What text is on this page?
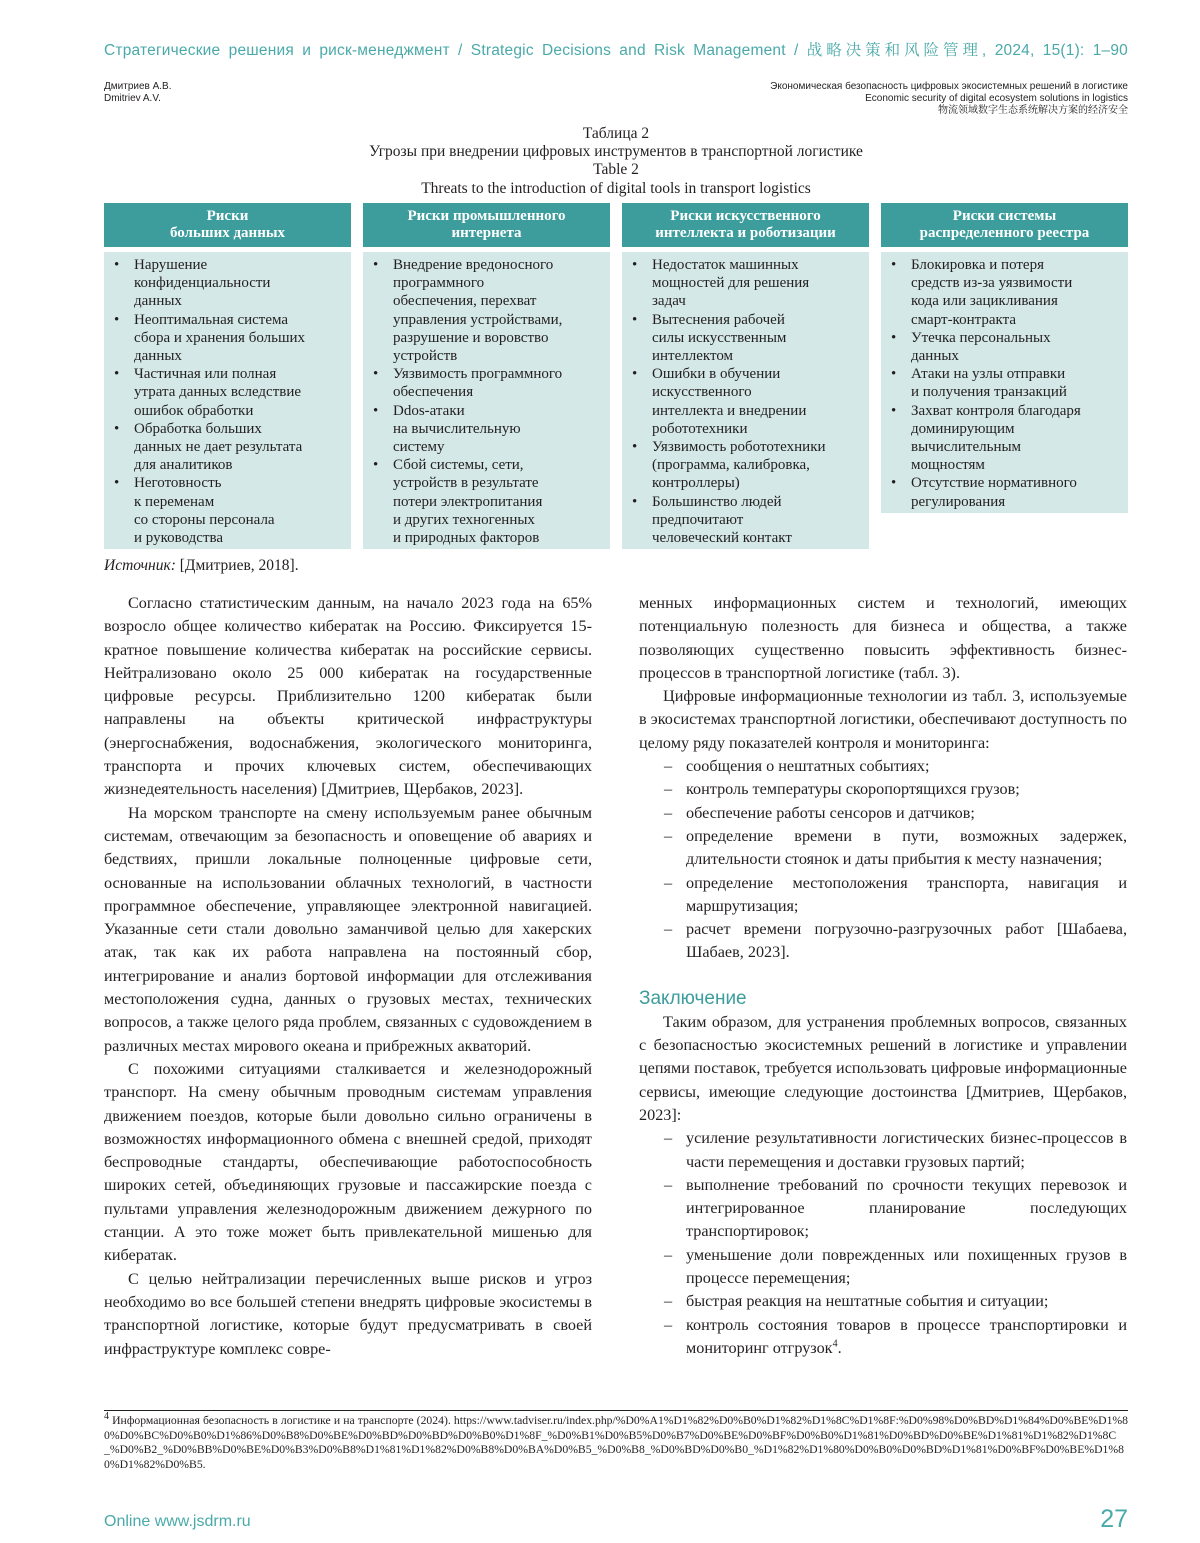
Стратегические решения и риск-менеджмент / Strategic Decisions and Risk Management / 战略决策和风险管理, 2024, 15(1): 1–90
Дмитриев А.В.
Dmitriev A.V.
Экономическая безопасность цифровых экосистемных решений в логистике
Economic security of digital ecosystem solutions in logistics
物流领域数字生态系统解决方案的经济安全
Таблица 2
Угрозы при внедрении цифровых инструментов в транспортной логистике
Table 2
Threats to the introduction of digital tools in transport logistics
Риски
больших данных
• Нарушение
конфиденциальности
данных
• Неоптимальная система
сбора и хранения больших
данных
• Частичная или полная
утрата данных вследствие
ошибок обработки
• Обработка больших
данных не дает результата
для аналитиков
• Неготовность
к переменам
со стороны персонала
и руководства
Риски промышленного
интернета
• Внедрение вредоносного
программного
обеспечения, перехват
управления устройствами,
разрушение и воровство
устройств
• Уязвимость программного
обеспечения
• Ddos-атаки
на вычислительную
систему
• Сбой системы, сети,
устройств в результате
потери электропитания
и других техногенных
и природных факторов
Риски искусственного
интеллекта и роботизации
• Недостаток машинных
мощностей для решения
задач
• Вытеснения рабочей
силы искусственным
интеллектом
• Ошибки в обучении
искусственного
интеллекта и внедрении
робототехники
• Уязвимость робототехники
(программа, калибровка,
контроллеры)
• Большинство людей
предпочитают
человеческий контакт
Риски системы
распределенного реестра
• Блокировка и потеря
средств из-за уязвимости
кода или зацикливания
смарт-контракта
• Утечка персональных
данных
• Атаки на узлы отправки
и получения транзакций
• Захват контроля благодаря
доминирующим
вычислительным
мощностям
• Отсутствие нормативного
регулирования
Источник: [Дмитриев, 2018].

Согласно статистическим данным, на начало 2023 года на 65% возросло общее количество кибератак на Россию. Фиксируется 15-кратное повышение количества кибератак на российские сервисы. Нейтрализовано около 25 000 кибератак на государственные цифровые ресурсы. Приблизительно 1200 кибератак были направлены на объекты критической инфраструктуры (энергоснабжения, водоснабжения, экологического мониторинга, транспорта и прочих ключевых систем, обеспечивающих жизнедеятельность населения) [Дмитриев, Щербаков, 2023].

На морском транспорте на смену используемым ранее обычным системам, отвечающим за безопасность и оповещение об авариях и бедствиях, пришли локальные полноценные цифровые сети, основанные на использовании облачных технологий, в частности программное обеспечение, управляющее электронной навигацией. Указанные сети стали довольно заманчивой целью для хакерских атак, так как их работа направлена на постоянный сбор, интегрирование и анализ бортовой информации для отслеживания местоположения судна, данных о грузовых местах, технических вопросов, а также целого ряда проблем, связанных с судовождением в различных местах мирового океана и прибрежных акваторий.

С похожими ситуациями сталкивается и железнодорожный транспорт. На смену обычным проводным системам управления движением поездов, которые были довольно сильно ограничены в возможностях информационного обмена с внешней средой, приходят беспроводные стандарты, обеспечивающие работоспособность широких сетей, объединяющих грузовые и пассажирские поезда с пультами управления железнодорожным движением дежурного по станции. А это тоже может быть привлекательной мишенью для кибератак.

С целью нейтрализации перечисленных выше рисков и угроз необходимо во все большей степени внедрять цифровые экосистемы в транспортной логистике, которые будут предусматривать в своей инфраструктуре комплекс совре-

менных информационных систем и технологий, имеющих потенциальную полезность для бизнеса и общества, а также позволяющих существенно повысить эффективность бизнес-процессов в транспортной логистике (табл. 3).

Цифровые информационные технологии из табл. 3, используемые в экосистемах транспортной логистики, обеспечивают доступность по целому ряду показателей контроля и мониторинга:

– сообщения о нештатных событиях;
– контроль температуры скоропортящихся грузов;
– обеспечение работы сенсоров и датчиков;
– определение времени в пути, возможных задержек, длительности стоянок и даты прибытия к месту назначения;
– определение местоположения транспорта, навигация и маршрутизация;
– расчет времени погрузочно-разгрузочных работ [Шабаева, Шабаев, 2023].
Заключение

Таким образом, для устранения проблемных вопросов, связанных с безопасностью экосистемных решений в логистике и управлении цепями поставок, требуется использовать цифровые информационные сервисы, имеющие следующие достоинства [Дмитриев, Щербаков, 2023]:

– усиление результативности логистических бизнес-процессов в части перемещения и доставки грузовых партий;
– выполнение требований по срочности текущих перевозок и интегрированное планирование последующих транспортировок;
– уменьшение доли поврежденных или похищенных грузов в процессе перемещения;
– быстрая реакция на нештатные события и ситуации;
– контроль состояния товаров в процессе транспортировки и мониторинг отгрузок$^4$.
$^4$ Информационная безопасность в логистике и на транспорте (2024). https://www.tadviser.ru/index.php/%D0%A1%D1%82%D0%B0%D1%82%D1%8C%D1%8F:%D0%98%D0%BD%D1%84%D0%BE%D1%80%D0%BC%D0%B0%D1%86%D0%B8%D0%BE%D0%BD%D0%BD%D0%B0%D1%8F_%D0%B1%D0%B5%D0%B7%D0%BE%D0%BF%D0%B0%D1%81%D0%BD%D0%BE%D1%81%D1%82%D1%8C_%D0%B2_%D0%BB%D0%BE%D0%B3%D0%B8%D1%81%D1%82%D0%B8%D0%BA%D0%B5_%D0%B8_%D0%BD%D0%B0_%D1%82%D1%80%D0%B0%D0%BD%D1%81%D0%BF%D0%BE%D1%80%D1%82%D0%B5.
Online www.jsdrm.ru	27
